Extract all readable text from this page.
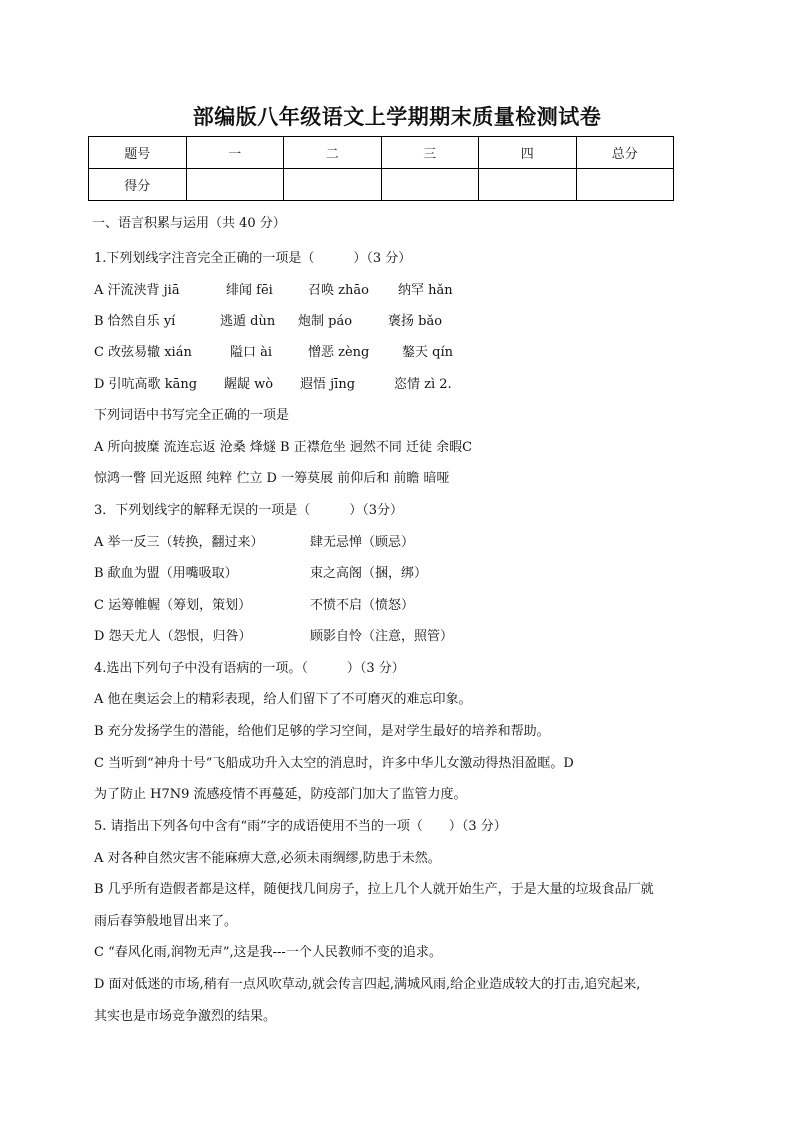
部编版八年级语文上学期期末质量检测试卷
题号	一	二	三	四	总分
得分					
一、语言积累与运用（共 40 分）
1.下列划线字注音完全正确的一项是（　　　）（3 分）
A 汗流浃背 jiā	绯闻 fēi	召唤 zhāo 纳罕 hǎn
B 恰然自乐 yí	逃遁 dùn 炮制 páo	褒扬 bǎo
C 改弦易辙 xián	隘口 ài	憎恶 zèng	鏊天 qín
D 引吭高歌 kāng 龌龊 wò 遐悟 jīng	恣情 zì 2.
下列词语中书写完全正确的一项是
A 所向披糜 流连忘返 沧桑 烽燧 B 正襟危坐 迥然不同 迁徒 余暇C
惊鸿一瞥 回光返照 纯粹 伫立 D 一筹莫展 前仰后和 前瞻 暗哑
3．下列划线字的解释无误的一项是（　　　）（3分）
A 举一反三（转换，翻过来）	肆无忌惮（顾忌）
B 歃血为盟（用嘴吸取）	束之高阁（捆，绑）
C 运筹帷幄（筹划，策划）	不愤不启（愤怒）
D 怨天尤人（怨恨，归咎）	顾影自怜（注意，照管）
4.选出下列句子中没有语病的一项。（　　　）（3 分）
A 他在奥运会上的精彩表现，给人们留下了不可磨灭的难忘印象。
B 充分发扬学生的潜能，给他们足够的学习空间，是对学生最好的培养和帮助。
C 当听到“神舟十号”飞船成功升入太空的消息时，许多中华儿女激动得热泪盈眶。D
为了防止 H7N9 流感疫情不再蔓延，防疫部门加大了监管力度。
5. 请指出下列各句中含有“雨”字的成语使用不当的一项（　　）（3 分）
A 对各种自然灾害不能麻痹大意,必须未雨绸缪,防患于未然。
B 几乎所有造假者都是这样，随便找几间房子，拉上几个人就开始生产，于是大量的垃圾食品厂就
雨后春笋般地冒出来了。
C “春风化雨,润物无声”,这是我---一个人民教师不变的追求。
D 面对低迷的市场,稍有一点风吹草动,就会传言四起,满城风雨,给企业造成较大的打击,追究起来,
其实也是市场竞争激烈的结果。
